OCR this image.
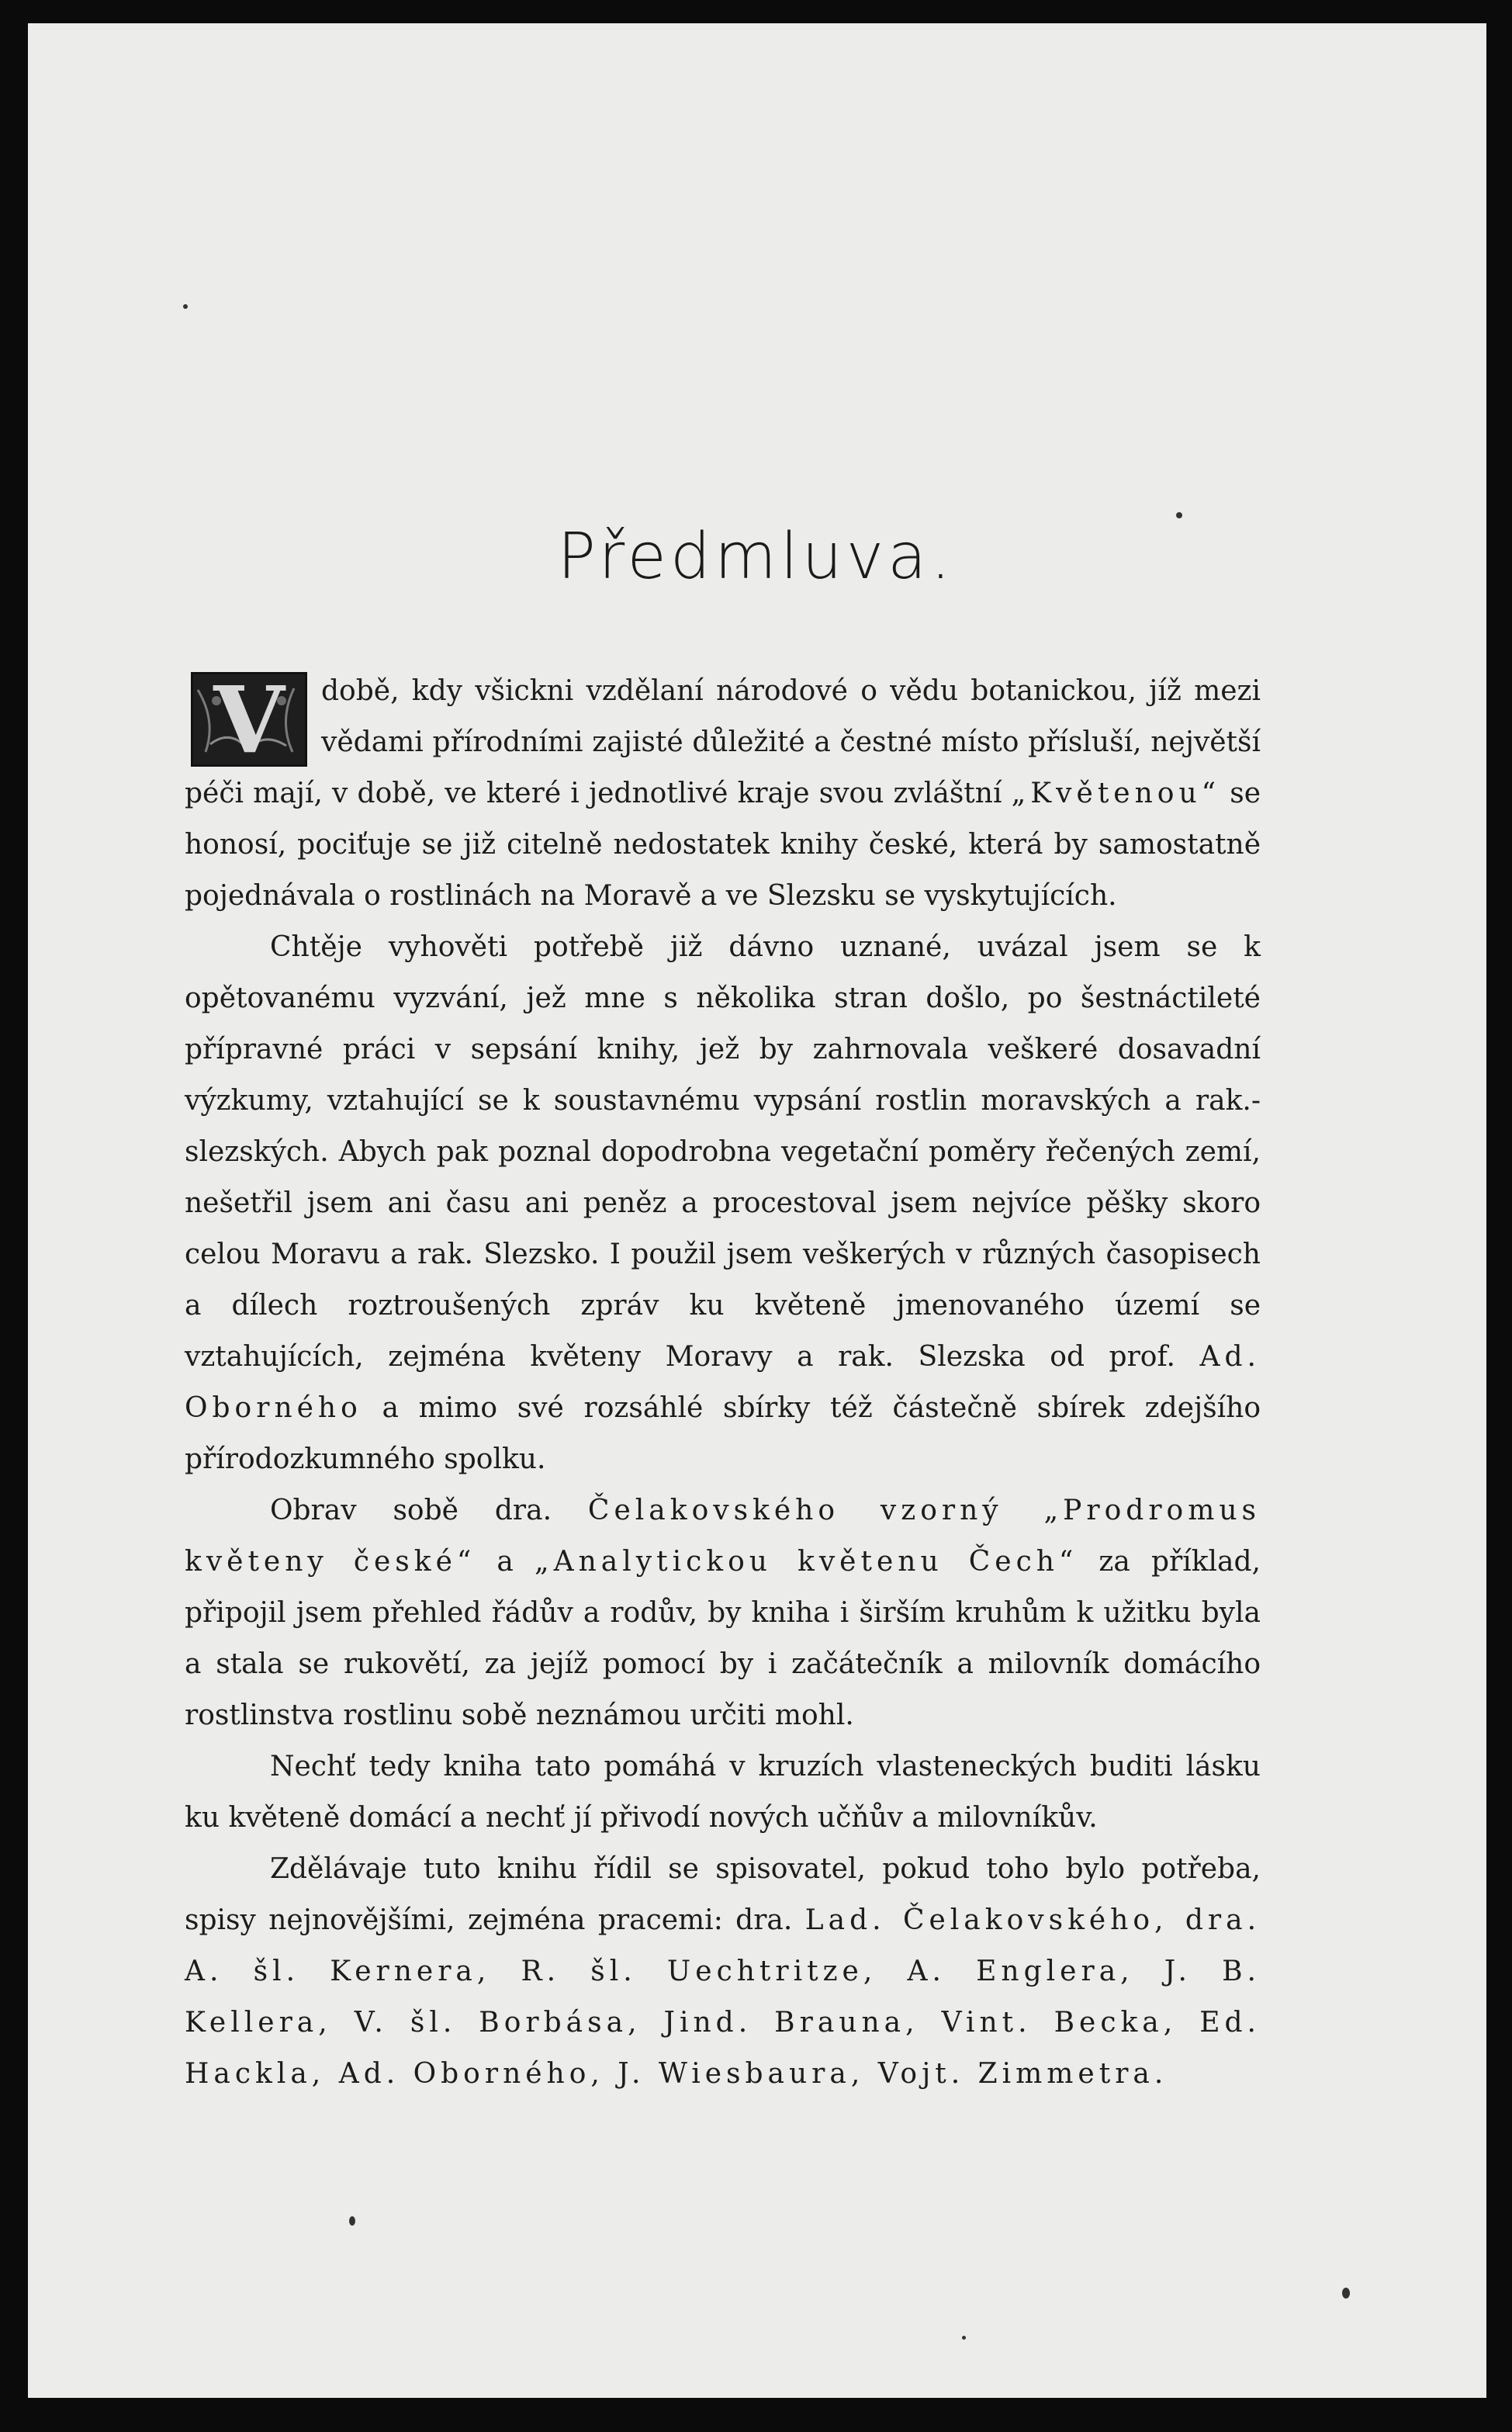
Předmluva.
V	době, kdy všickni vzdělaní národové o vědu botanickou, jíž mezi vědami přírodními zajisté důležité a čestné místo přísluší, největší péči mají, v době, ve které i jednotlivé kraje svou zvláštní „Květenou“ se honosí, pociťuje se již citelně nedostatek knihy české, která by samostatně pojednávala o rostlinách na Moravě a ve Slezsku se vyskytujících.

Chtěje vyhověti potřebě již dávno uznané, uvázal jsem se k opětovanému vyzvání, jež mne s několika stran došlo, po šestnáctileté přípravné práci v sepsání knihy, jež by zahrnovala veškeré dosavadní výzkumy, vztahující se k soustavnému vypsání rostlin moravských a rak.-slezských. Abych pak poznal dopodrobna vegetační poměry řečených zemí, nešetřil jsem ani času ani peněz a procestoval jsem nejvíce pěšky skoro celou Moravu a rak. Slezsko. I použil jsem veškerých v různých časopisech a dílech roztroušených zpráv ku květeně jmenovaného území se vztahujících, zejména květeny Moravy a rak. Slezska od prof. Ad. Oborného a mimo své rozsáhlé sbírky též částečně sbírek zdejšího přírodozkumného spolku.

Obrav sobě dra. Čelakovského vzorný „Prodromus květeny české“ a „Analytickou květenu Čech“ za příklad, připojil jsem přehled řádův a rodův, by kniha i širším kruhům k užitku byla a stala se rukovětí, za jejíž pomocí by i začátečník a milovník domácího rostlinstva rostlinu sobě neznámou určiti mohl.

Nechť tedy kniha tato pomáhá v kruzích vlasteneckých buditi lásku ku květeně domácí a nechť jí přivodí nových učňův a milovníkův.

Zdělávaje tuto knihu řídil se spisovatel, pokud toho bylo potřeba, spisy nejnovějšími, zejména pracemi: dra. Lad. Čelakovského, dra. A. šl. Kernera, R. šl. Uechtritze, A. Englera, J. B. Kellera, V. šl. Borbása, Jind. Brauna, Vint. Becka, Ed. Hackla, Ad. Oborného, J. Wiesbaura, Vojt. Zimmetra.
